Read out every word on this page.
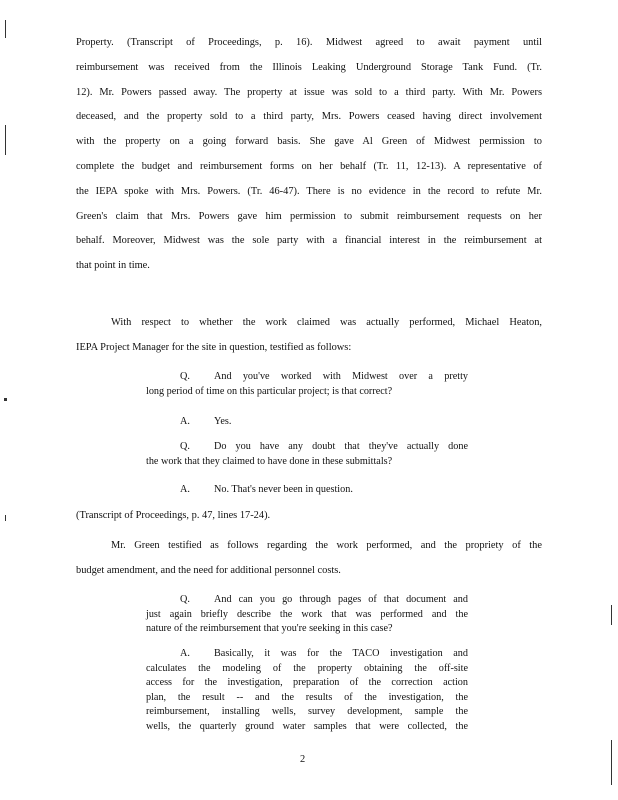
Property. (Transcript of Proceedings, p. 16). Midwest agreed to await payment until
reimbursement was received from the Illinois Leaking Underground Storage Tank Fund. (Tr.
12). Mr. Powers passed away. The property at issue was sold to a third party. With Mr. Powers
deceased, and the property sold to a third party, Mrs. Powers ceased having direct involvement
with the property on a going forward basis. She gave Al Green of Midwest permission to
complete the budget and reimbursement forms on her behalf (Tr. 11, 12-13). A representative of
the IEPA spoke with Mrs. Powers. (Tr. 46-47). There is no evidence in the record to refute Mr.
Green's claim that Mrs. Powers gave him permission to submit reimbursement requests on her
behalf. Moreover, Midwest was the sole party with a financial interest in the reimbursement at
that point in time.
With respect to whether the work claimed was actually performed, Michael Heaton,
IEPA Project Manager for the site in question, testified as follows:
Q. And you've worked with Midwest over a pretty
long period of time on this particular project; is that correct?
A. Yes.
Q. Do you have any doubt that they've actually done
the work that they claimed to have done in these submittals?
A. No. That's never been in question.

(Transcript of Proceedings, p. 47, lines 17-24).

Mr. Green testified as follows regarding the work performed, and the propriety of the
budget amendment, and the need for additional personnel costs.
Q. And can you go through pages of that document and
just again briefly describe the work that was performed and the
nature of the reimbursement that you're seeking in this case?
A. Basically, it was for the TACO investigation and
calculates the modeling of the property obtaining the off-site
access for the investigation, preparation of the correction action
plan, the result -- and the results of the investigation, the
reimbursement, installing wells, survey development, sample the
wells, the quarterly ground water samples that were collected, the
2
